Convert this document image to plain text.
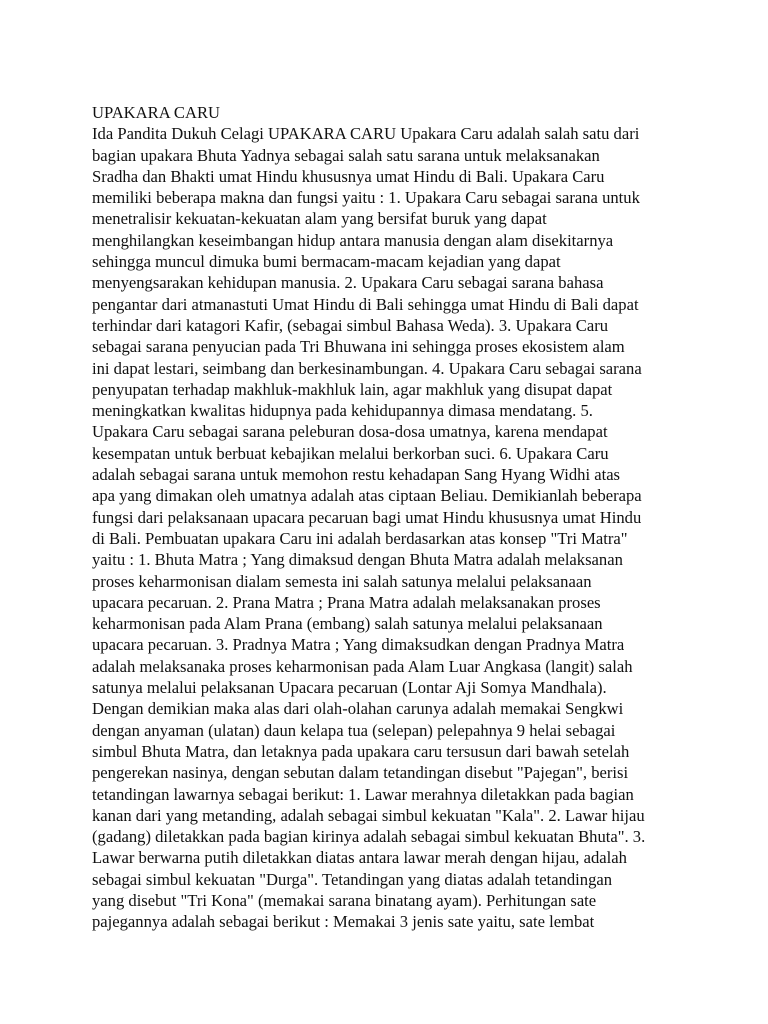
UPAKARA CARU
Ida Pandita Dukuh Celagi UPAKARA CARU Upakara Caru adalah salah satu dari
bagian upakara Bhuta Yadnya sebagai salah satu sarana untuk melaksanakan
Sradha dan Bhakti umat Hindu khususnya umat Hindu di Bali. Upakara Caru
memiliki beberapa makna dan fungsi yaitu : 1. Upakara Caru sebagai sarana untuk
menetralisir kekuatan-kekuatan alam yang bersifat buruk yang dapat
menghilangkan keseimbangan hidup antara manusia dengan alam disekitarnya
sehingga muncul dimuka bumi bermacam-macam kejadian yang dapat
menyengsarakan kehidupan manusia. 2. Upakara Caru sebagai sarana bahasa
pengantar dari atmanastuti Umat Hindu di Bali sehingga umat Hindu di Bali dapat
terhindar dari katagori Kafir, (sebagai simbul Bahasa Weda). 3. Upakara Caru
sebagai sarana penyucian pada Tri Bhuwana ini sehingga proses ekosistem alam
ini dapat lestari, seimbang dan berkesinambungan. 4. Upakara Caru sebagai sarana
penyupatan terhadap makhluk-makhluk lain, agar makhluk yang disupat dapat
meningkatkan kwalitas hidupnya pada kehidupannya dimasa mendatang. 5.
Upakara Caru sebagai sarana peleburan dosa-dosa umatnya, karena mendapat
kesempatan untuk berbuat kebajikan melalui berkorban suci. 6. Upakara Caru
adalah sebagai sarana untuk memohon restu kehadapan Sang Hyang Widhi atas
apa yang dimakan oleh umatnya adalah atas ciptaan Beliau. Demikianlah beberapa
fungsi dari pelaksanaan upacara pecaruan bagi umat Hindu khususnya umat Hindu
di Bali. Pembuatan upakara Caru ini adalah berdasarkan atas konsep "Tri Matra"
yaitu : 1. Bhuta Matra ; Yang dimaksud dengan Bhuta Matra adalah melaksanan
proses keharmonisan dialam semesta ini salah satunya melalui pelaksanaan
upacara pecaruan. 2. Prana Matra ; Prana Matra adalah melaksanakan proses
keharmonisan pada Alam Prana (embang) salah satunya melalui pelaksanaan
upacara pecaruan. 3. Pradnya Matra ; Yang dimaksudkan dengan Pradnya Matra
adalah melaksanaka proses keharmonisan pada Alam Luar Angkasa (langit) salah
satunya melalui pelaksanan Upacara pecaruan (Lontar Aji Somya Mandhala).
Dengan demikian maka alas dari olah-olahan carunya adalah memakai Sengkwi
dengan anyaman (ulatan) daun kelapa tua (selepan) pelepahnya 9 helai sebagai
simbul Bhuta Matra, dan letaknya pada upakara caru tersusun dari bawah setelah
pengerekan nasinya, dengan sebutan dalam tetandingan disebut "Pajegan", berisi
tetandingan lawarnya sebagai berikut: 1. Lawar merahnya diletakkan pada bagian
kanan dari yang metanding, adalah sebagai simbul kekuatan "Kala". 2. Lawar hijau
(gadang) diletakkan pada bagian kirinya adalah sebagai simbul kekuatan Bhuta". 3.
Lawar berwarna putih diletakkan diatas antara lawar merah dengan hijau, adalah
sebagai simbul kekuatan "Durga". Tetandingan yang diatas adalah tetandingan
yang disebut "Tri Kona" (memakai sarana binatang ayam). Perhitungan sate
pajegannya adalah sebagai berikut : Memakai 3 jenis sate yaitu, sate lembat
